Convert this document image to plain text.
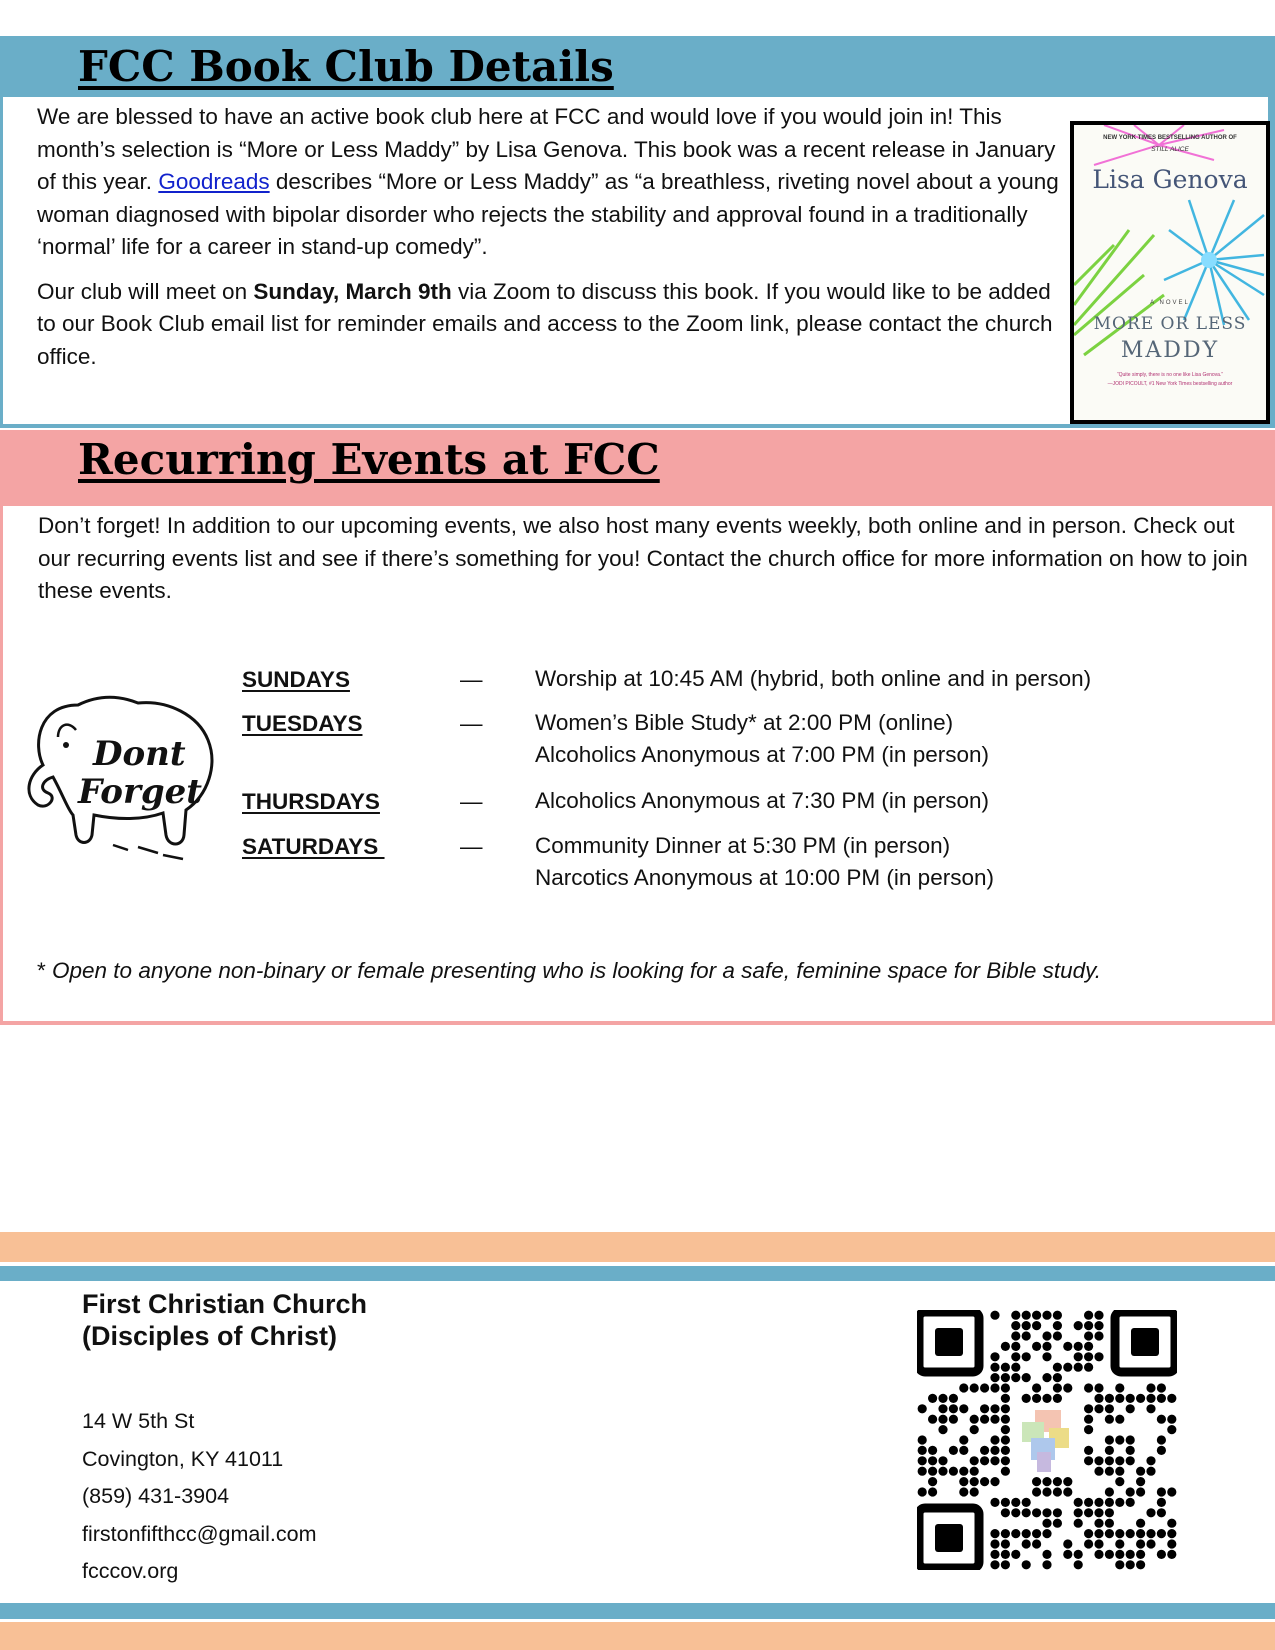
FCC Book Club Details

We are blessed to have an active book club here at FCC and would love if you would join in! This month’s selection is “More or Less Maddy” by Lisa Genova. This book was a recent release in January of this year. Goodreads describes “More or Less Maddy” as “a breathless, riveting novel about a young woman diagnosed with bipolar disorder who rejects the stability and approval found in a traditionally ‘normal’ life for a career in stand-up comedy”.

Our club will meet on Sunday, March 9th via Zoom to discuss this book. If you would like to be added to our Book Club email list for reminder emails and access to the Zoom link, please contact the church office.

NEW YORK TIMES BESTSELLING AUTHOR OF
STILL ALICE
Lisa Genova
A NOVEL
MORE OR LESS
MADDY
“Quite simply, there is no one like Lisa Genova.”
—JODI PICOULT, #1 New York Times bestselling author
Recurring Events at FCC

Don’t forget! In addition to our upcoming events, we also host many events weekly, both online and in person. Check out our recurring events list and see if there’s something for you! Contact the church office for more information on how to join these events.

Dont
Forget
SUNDAYS	— Worship at 10:45 AM (hybrid, both online and in person)
TUESDAYS	— Women’s Bible Study* at 2:00 PM (online)
Alcoholics Anonymous at 7:00 PM (in person)
THURSDAYS	— Alcoholics Anonymous at 7:30 PM (in person)
SATURDAYS	— Community Dinner at 5:30 PM (in person)
Narcotics Anonymous at 10:00 PM (in person)
* Open to anyone non-binary or female presenting who is looking for a safe, feminine space for Bible study.
First Christian Church
(Disciples of Christ)
14 W 5th St
Covington, KY 41011
(859) 431-3904
firstonfifthcc@gmail.com
fcccov.org
